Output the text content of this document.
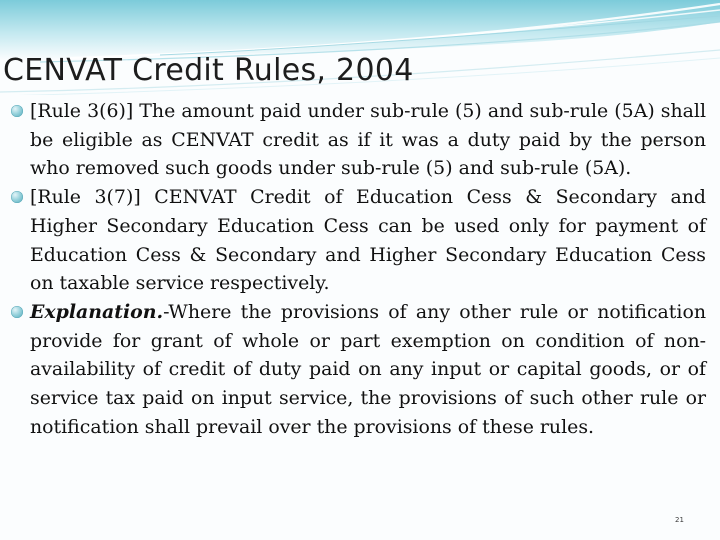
CENVAT Credit Rules, 2004
[Rule 3(6)] The amount paid under sub-rule (5) and sub-rule (5A) shall be eligible as CENVAT credit as if it was a duty paid by the person who removed such goods under sub-rule (5) and sub-rule (5A).
[Rule 3(7)] CENVAT Credit of Education Cess & Secondary and Higher Secondary Education Cess can be used only for payment of Education Cess & Secondary and Higher Secondary Education Cess on taxable service respectively.
Explanation.-Where the provisions of any other rule or notification provide for grant of whole or part exemption on condition of non-availability of credit of duty paid on any input or capital goods, or of service tax paid on input service, the provisions of such other rule or notification shall prevail over the provisions of these rules.
21
